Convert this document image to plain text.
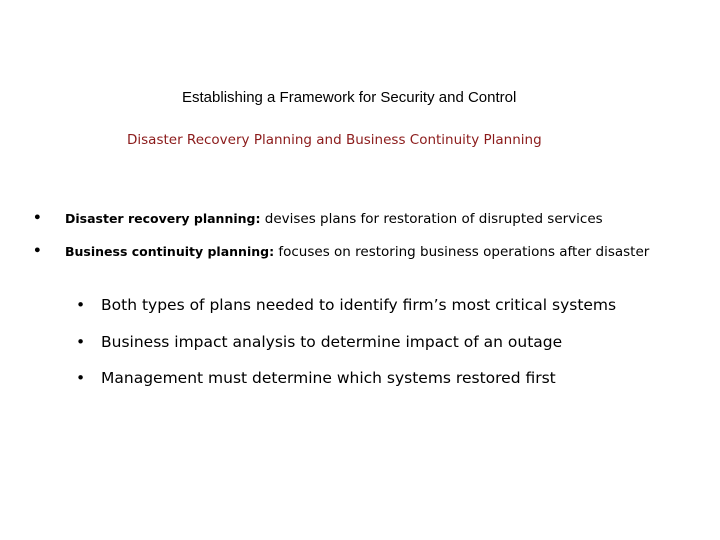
Establishing a Framework for Security and Control
Disaster Recovery Planning and Business Continuity Planning
• Disaster recovery planning: devises plans for restoration of disrupted services
• Business continuity planning: focuses on restoring business operations after disaster
• Both types of plans needed to identify firm’s most critical systems
• Business impact analysis to determine impact of an outage
• Management must determine which systems restored first
